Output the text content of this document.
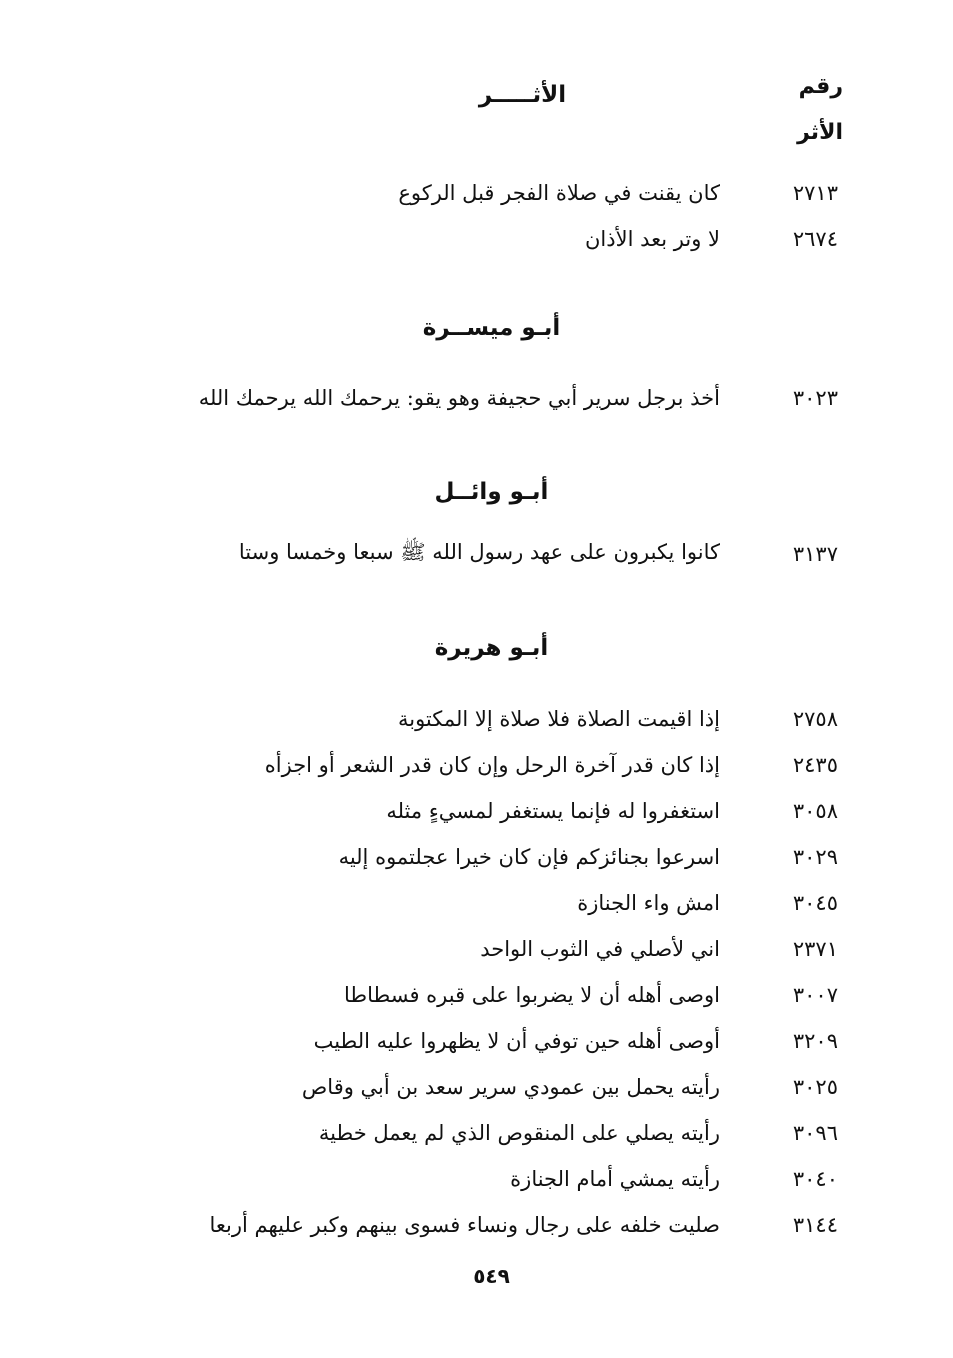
رقم
الأثر
الأثـــــر
٢٧١٣
كان يقنت في صلاة الفجر قبل الركوع
٢٦٧٤
لا وتر بعد الأذان
أبـو ميســرة
٣٠٢٣
أخذ برجل سرير أبي حجيفة وهو يقو: يرحمك الله يرحمك الله
أبـو وائــل
٣١٣٧
كانوا يكبرون على عهد رسول الله ﷺ سبعا وخمسا وستا
أبـو هريرة
٢٧٥٨
إذا اقيمت الصلاة فلا صلاة إلا المكتوبة
٢٤٣٥
إذا كان قدر آخرة الرحل وإن كان قدر الشعر أو اجزأه
٣٠٥٨
استغفروا له فإنما يستغفر لمسيءٍ مثله
٣٠٢٩
اسرعوا بجنائزكم فإن كان خيرا عجلتموه إليه
٣٠٤٥
امش واء الجنازة
٢٣٧١
اني لأصلي في الثوب الواحد
٣٠٠٧
اوصى أهله أن لا يضربوا على قبره فسطاطا
٣٢٠٩
أوصى أهله حين توفي أن لا يظهروا عليه الطيب
٣٠٢٥
رأيته يحمل بين عمودي سرير سعد بن أبي وقاص
٣٠٩٦
رأيته يصلي على المنقوص الذي لم يعمل خطية
٣٠٤٠
رأيته يمشي أمام الجنازة
٣١٤٤
صليت خلفه على رجال ونساء فسوى بينهم وكبر عليهم أربعا
٥٤٩
